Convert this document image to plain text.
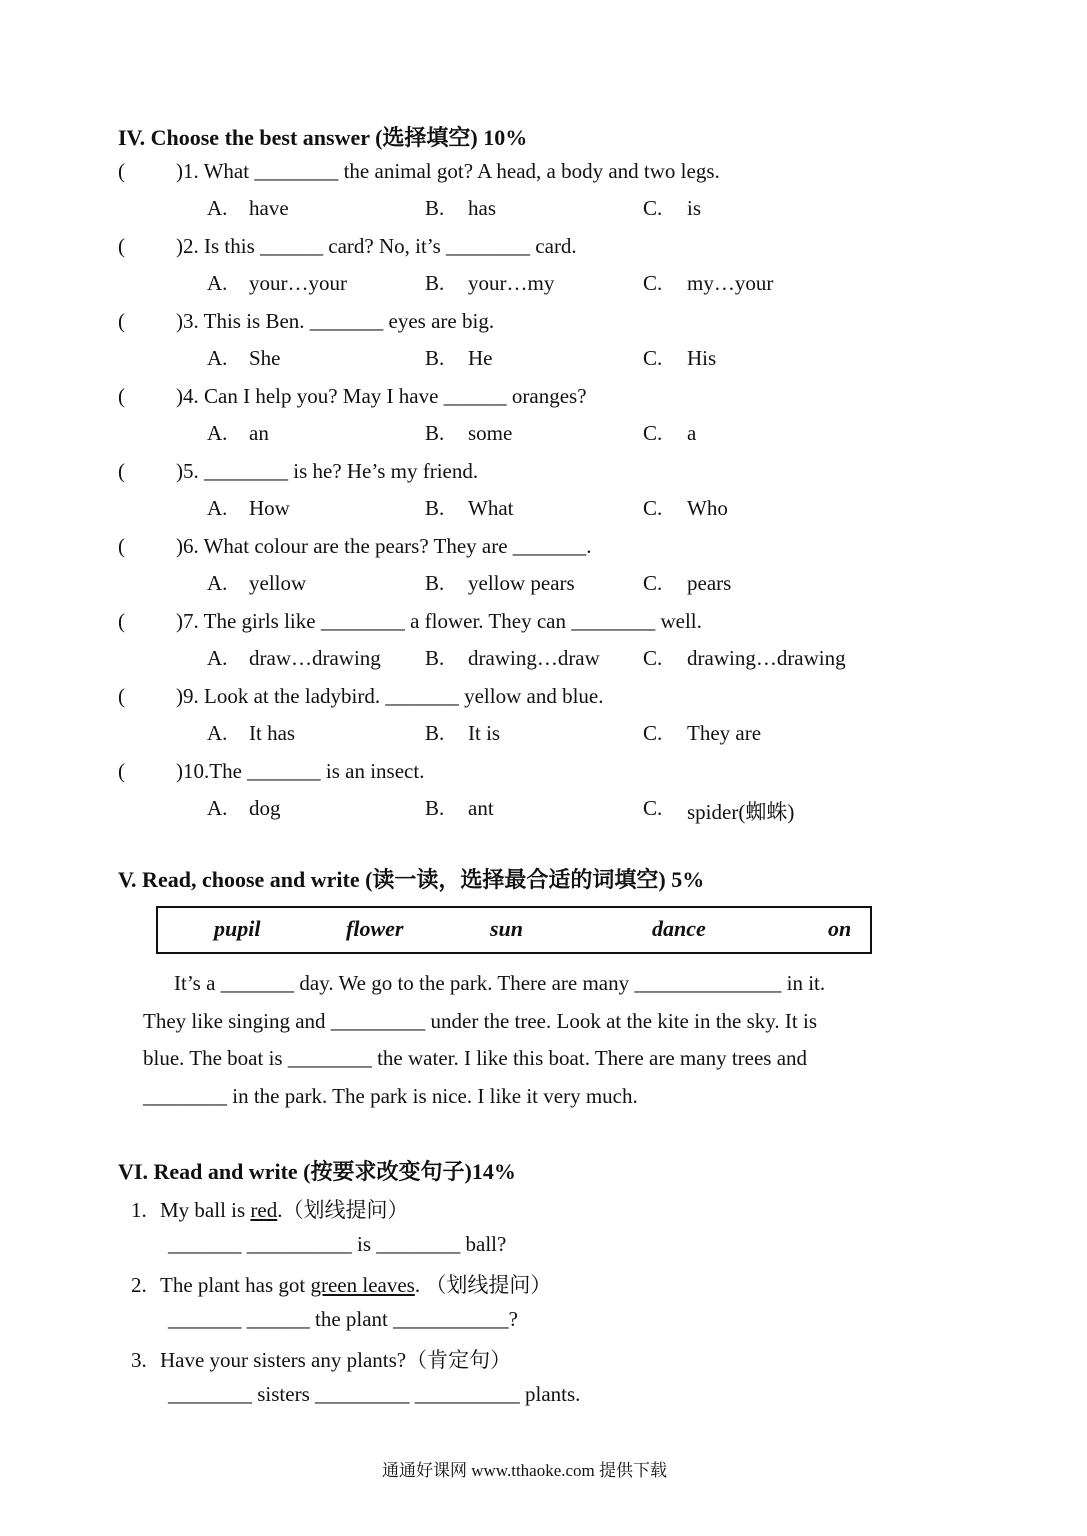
IV. Choose the best answer (选择填空) 10%
( )1. What ________ the animal got? A head, a body and two legs.
A. have	B. has	C. is
( )2. Is this ______ card? No, it’s ________ card.
A. your…your	B. your…my	C. my…your
( )3. This is Ben. _______ eyes are big.
A. She	B. He	C. His
( )4. Can I help you? May I have ______ oranges?
A. an	B. some	C. a
( )5. ________ is he? He’s my friend.
A. How	B. What	C. Who
( )6. What colour are the pears? They are _______.
A. yellow	B. yellow pears	C. pears
( )7. The girls like ________ a flower. They can ________ well.
A. draw…drawing B. drawing…draw C. drawing…drawing
( )9. Look at the ladybird. _______ yellow and blue.
A. It has	B. It is	C. They are
( )10.The _______ is an insect.
A. dog	B. ant	C. spider(蜘蛛)
V. Read, choose and write (读一读，选择最合适的词填空) 5%
pupil	flower	sun	dance	on
It’s a _______ day. We go to the park. There are many ______________ in it.
They like singing and _________ under the tree. Look at the kite in the sky. It is
blue. The boat is ________ the water. I like this boat. There are many trees and
________ in the park. The park is nice. I like it very much.
VI. Read and write (按要求改变句子)14%
1. My ball is red.（划线提问）
_______ __________ is ________ ball?
2. The plant has got green leaves. （划线提问）
_______ ______ the plant ___________?
3. Have your sisters any plants?（肯定句）
________ sisters _________ __________ plants.
通通好课网 www.tthaoke.com 提供下载
